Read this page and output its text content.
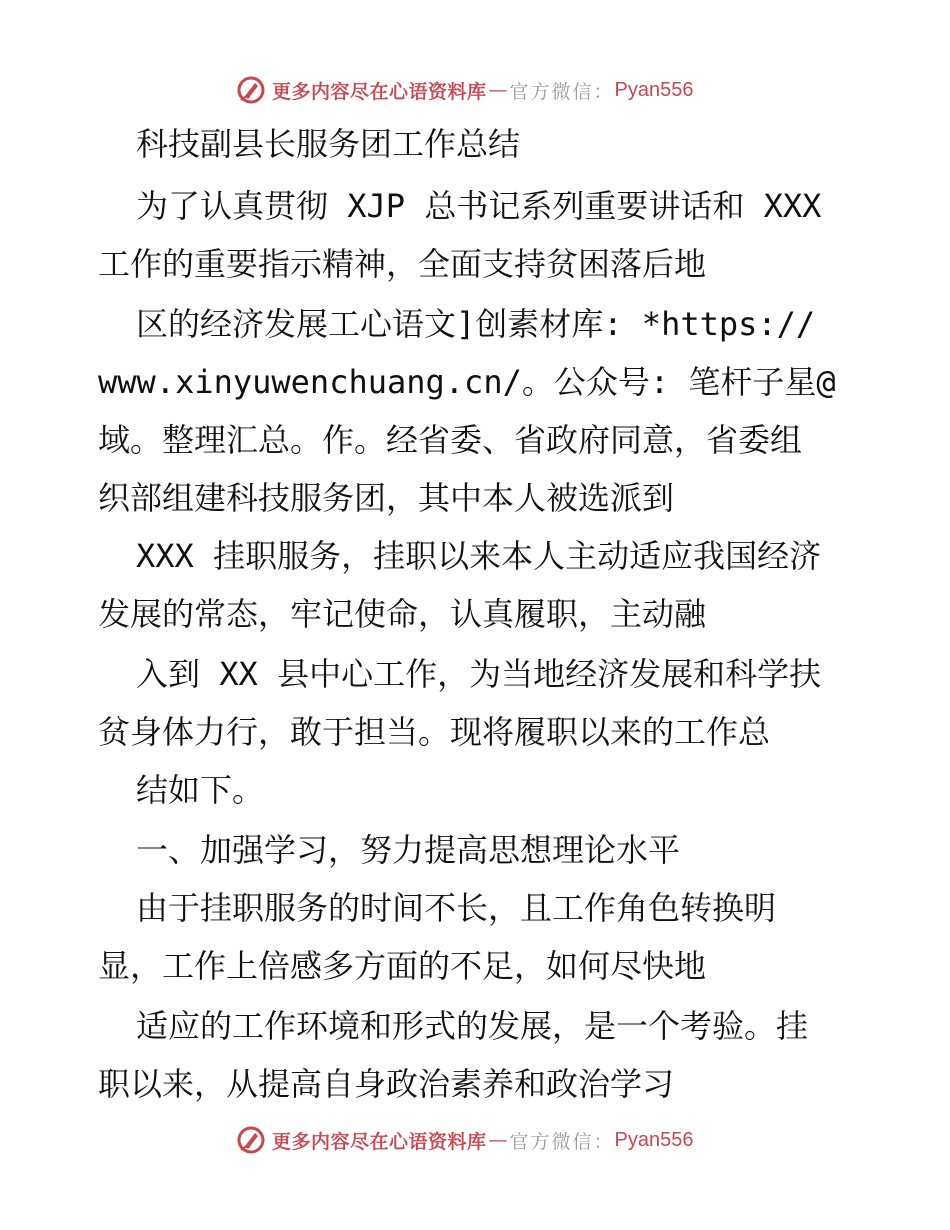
更多内容尽在心语资料库 — 官方微信： Pyan556
科技副县长服务团工作总结
为了认真贯彻 XJP 总书记系列重要讲话和 XXX
工作的重要指示精神，全面支持贫困落后地
区的经济发展工心语文]创素材库: *https://
www.xinyuwenchuang.cn/。公众号: 笔杆子星@
域。整理汇总。作。经省委、省政府同意，省委组
织部组建科技服务团，其中本人被选派到
XXX 挂职服务，挂职以来本人主动适应我国经济
发展的常态，牢记使命，认真履职，主动融
入到 XX 县中心工作，为当地经济发展和科学扶
贫身体力行，敢于担当。现将履职以来的工作总
结如下。
一、加强学习，努力提高思想理论水平
由于挂职服务的时间不长，且工作角色转换明
显，工作上倍感多方面的不足，如何尽快地
适应的工作环境和形式的发展，是一个考验。挂
职以来，从提高自身政治素养和政治学习
更多内容尽在心语资料库 — 官方微信： Pyan556
